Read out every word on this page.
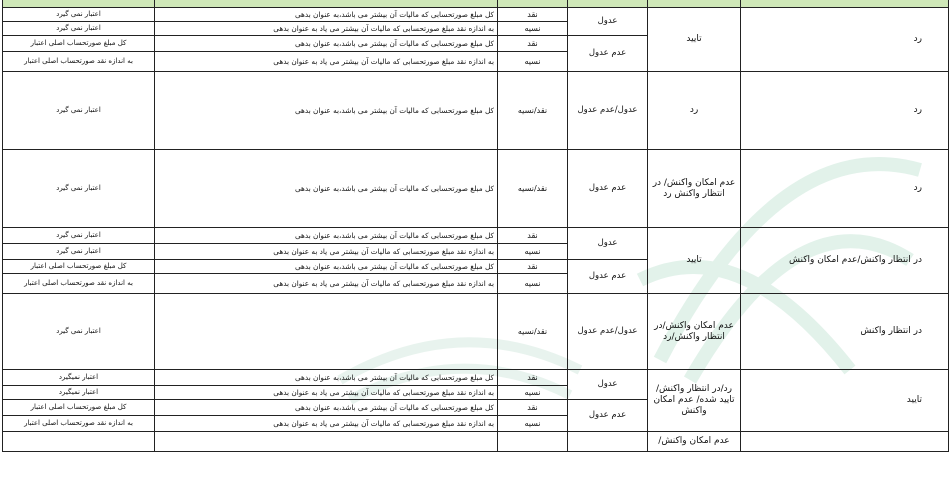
رد	تایید	عدول	نقد	کل مبلغ صورتحسابی که مالیات آن بیشتر می باشد،به عنوان بدهی	اعتبار نمی گیرد
			نسیه	به اندازه نقد مبلغ صورتحسابی که مالیات آن بیشتر می یاد به عنوان بدهی	اعتبار نمی گیرد
		عدم عدول	نقد	کل مبلغ صورتحسابی که مالیات آن بیشتر می باشد،به عنوان بدهی	کل مبلغ صورتحساب اصلی اعتبار
			نسیه	به اندازه نقد مبلغ صورتحسابی که مالیات آن بیشتر می یاد به عنوان بدهی	به اندازه نقد صورتحساب اصلی اعتبار
رد	رد	عدول/عدم عدول	نقد/نسیه	کل مبلغ صورتحسابی که مالیات آن بیشتر می باشد،به عنوان بدهی	اعتبار نمی گیرد
رد	عدم امکان واکنش/ در انتظار واکنش رد	عدم عدول	نقد/نسیه	کل مبلغ صورتحسابی که مالیات آن بیشتر می باشد،به عنوان بدهی	اعتبار نمی گیرد
در انتظار واکنش/عدم امکان واکنش	تایید	عدول	نقد	کل مبلغ صورتحسابی که مالیات آن بیشتر می باشد،به عنوان بدهی	اعتبار نمی گیرد
			نسیه	به اندازه نقد مبلغ صورتحسابی که مالیات آن بیشتر می یاد به عنوان بدهی	اعتبار نمی گیرد
		عدم عدول	نقد	کل مبلغ صورتحسابی که مالیات آن بیشتر می باشد،به عنوان بدهی	کل مبلغ صورتحساب اصلی اعتبار
			نسیه	به اندازه نقد مبلغ صورتحسابی که مالیات آن بیشتر می یاد به عنوان بدهی	به اندازه نقد صورتحساب اصلی اعتبار
در انتظار واکنش	عدم امکان واکنش/در انتظار واکنش/رد	عدول/عدم عدول	نقد/نسیه		اعتبار نمی گیرد
تایید	رد/در انتظار واکنش/ تایید شده/ عدم امکان واکنش	عدول	نقد	کل مبلغ صورتحسابی که مالیات آن بیشتر می باشد،به عنوان بدهی	اعتبار نمیگیرد
			نسیه	به اندازه نقد مبلغ صورتحسابی که مالیات آن بیشتر می یاد به عنوان بدهی	اعتبار نمیگیرد
		عدم عدول	نقد	کل مبلغ صورتحسابی که مالیات آن بیشتر می باشد،به عنوان بدهی	کل مبلغ صورتحساب اصلی اعتبار
			نسیه	به اندازه نقد مبلغ صورتحسابی که مالیات آن بیشتر می یاد به عنوان بدهی	به اندازه نقد صورتحساب اصلی اعتبار
	عدم امکان واکنش/				
